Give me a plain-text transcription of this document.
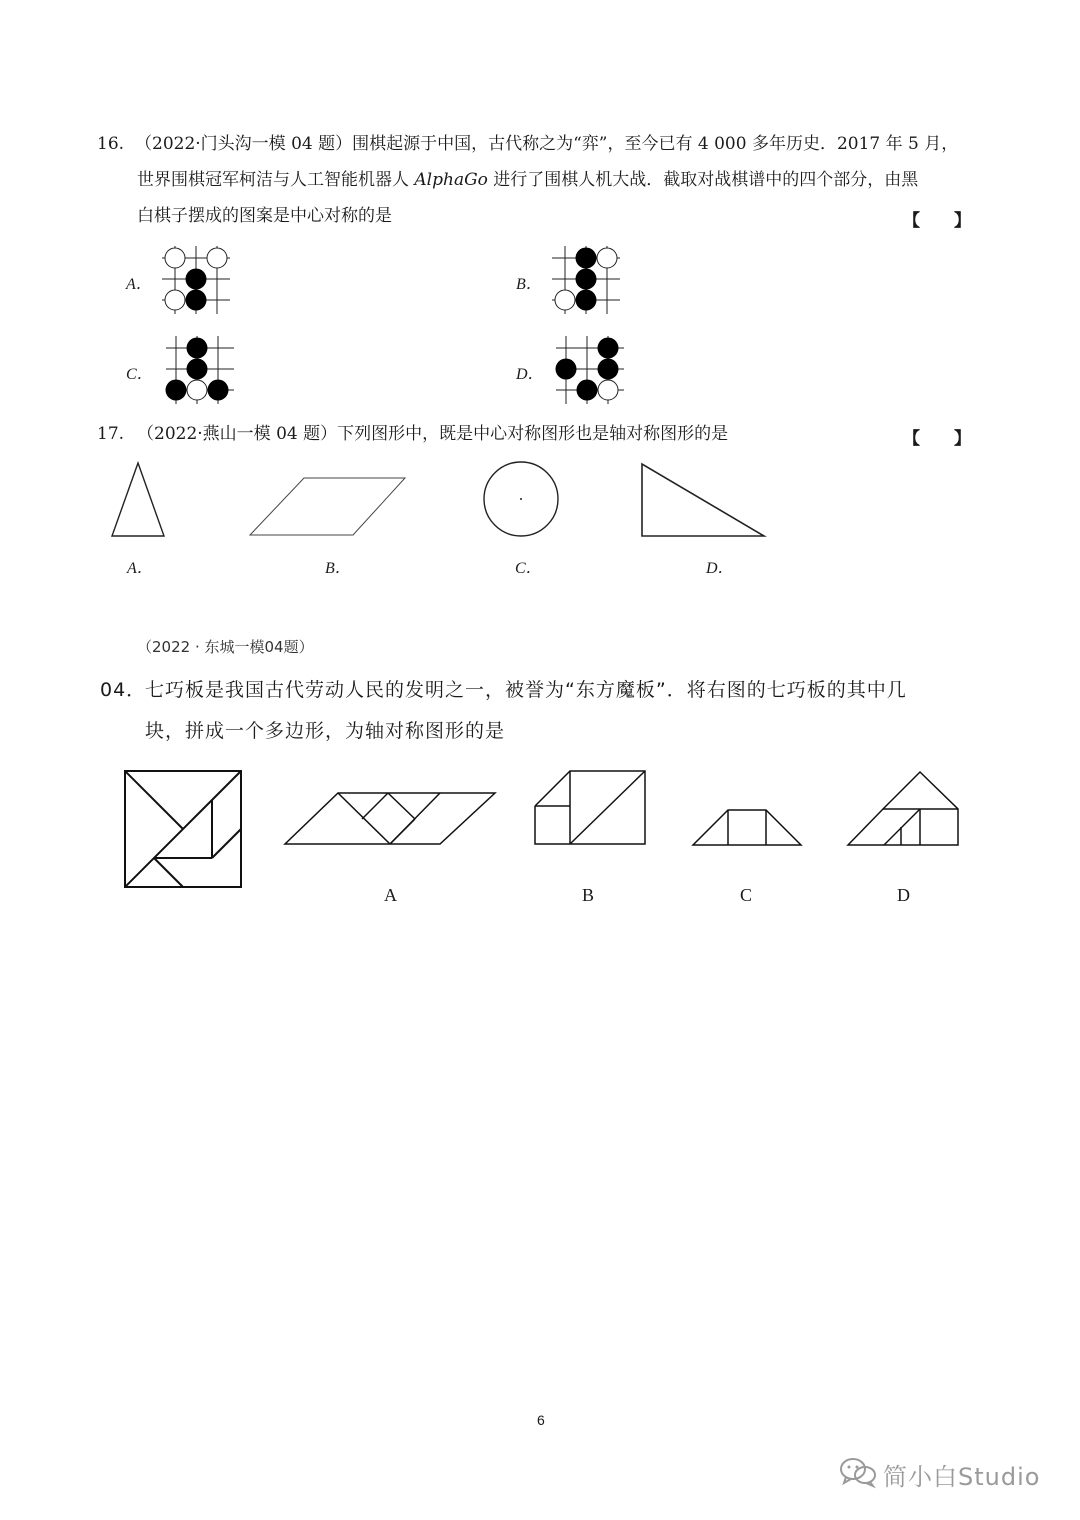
16. （2022·门头沟一模 04 题）围棋起源于中国，古代称之为“弈”，至今已有 4 000 多年历史．2017 年 5 月，
世界围棋冠军柯洁与人工智能机器人 AlphaGo 进行了围棋人机大战．截取对战棋谱中的四个部分，由黑
白棋子摆成的图案是中心对称的是	【　　】
A．	B．
C．	D．
17. （2022·燕山一模 04 题）下列图形中，既是中心对称图形也是轴对称图形的是	【　　】
A．	B．	C．	D．
（2022 · 东城一模04题）
04．
七巧板是我国古代劳动人民的发明之一，被誉为“东方魔板”．将右图的七巧板的其中几
块，拼成一个多边形，为轴对称图形的是
A	B	C	D
6
简小白Studio
